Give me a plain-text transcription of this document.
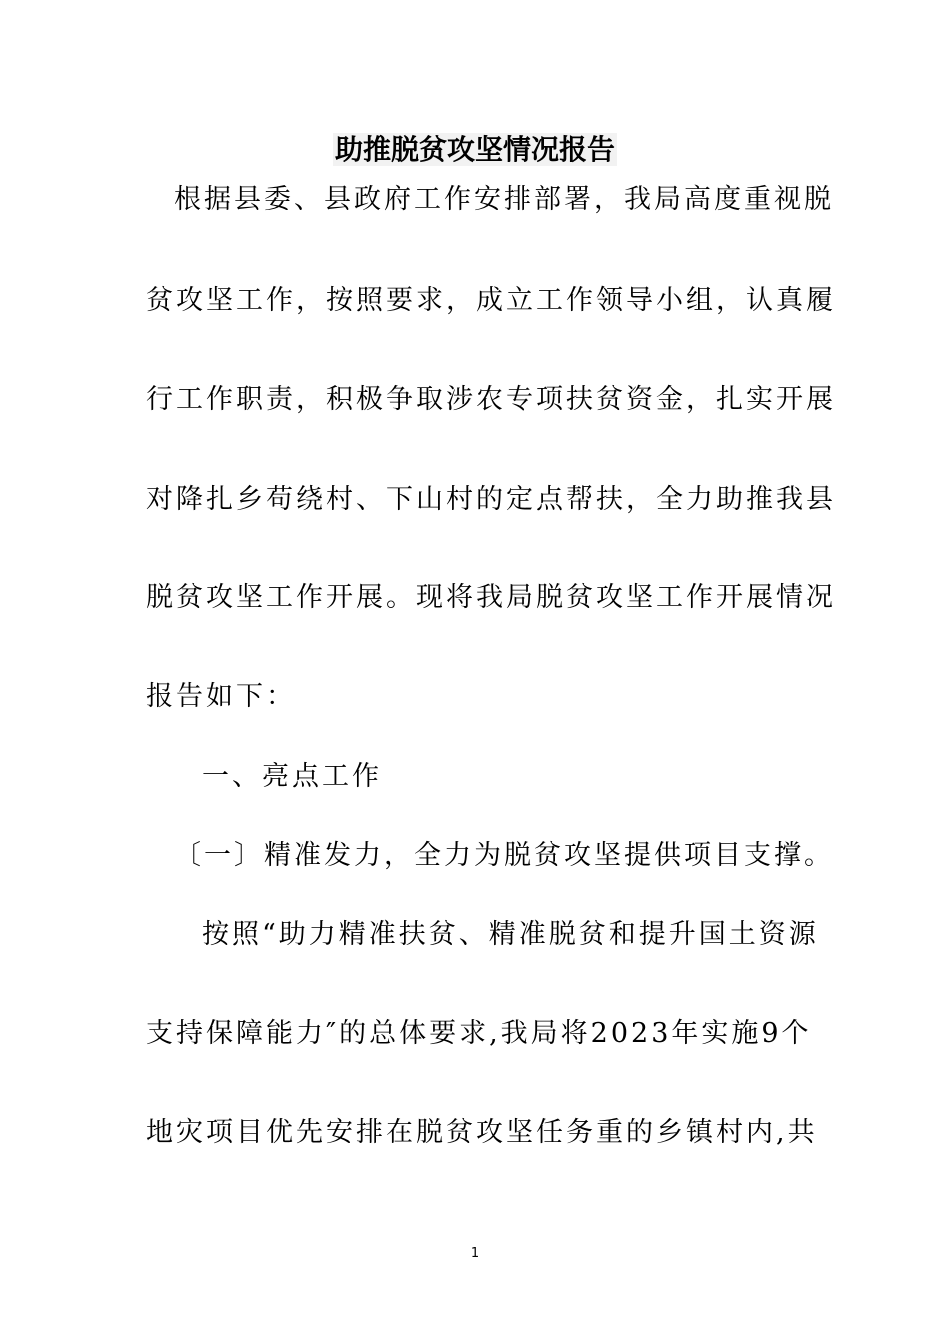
助推脱贫攻坚情况报告
根据县委、县政府工作安排部署，我局高度重视脱
贫攻坚工作，按照要求，成立工作领导小组，认真履
行工作职责，积极争取涉农专项扶贫资金，扎实开展
对降扎乡苟绕村、下山村的定点帮扶，全力助推我县
脱贫攻坚工作开展。现将我局脱贫攻坚工作开展情况
报告如下：
一、亮点工作
〔一〕精准发力，全力为脱贫攻坚提供项目支撑。
按照“助力精准扶贫、精准脱贫和提升国土资源
支持保障能力″的总体要求,我局将2023年实施9个
地灾项目优先安排在脱贫攻坚任务重的乡镇村内,共
1
